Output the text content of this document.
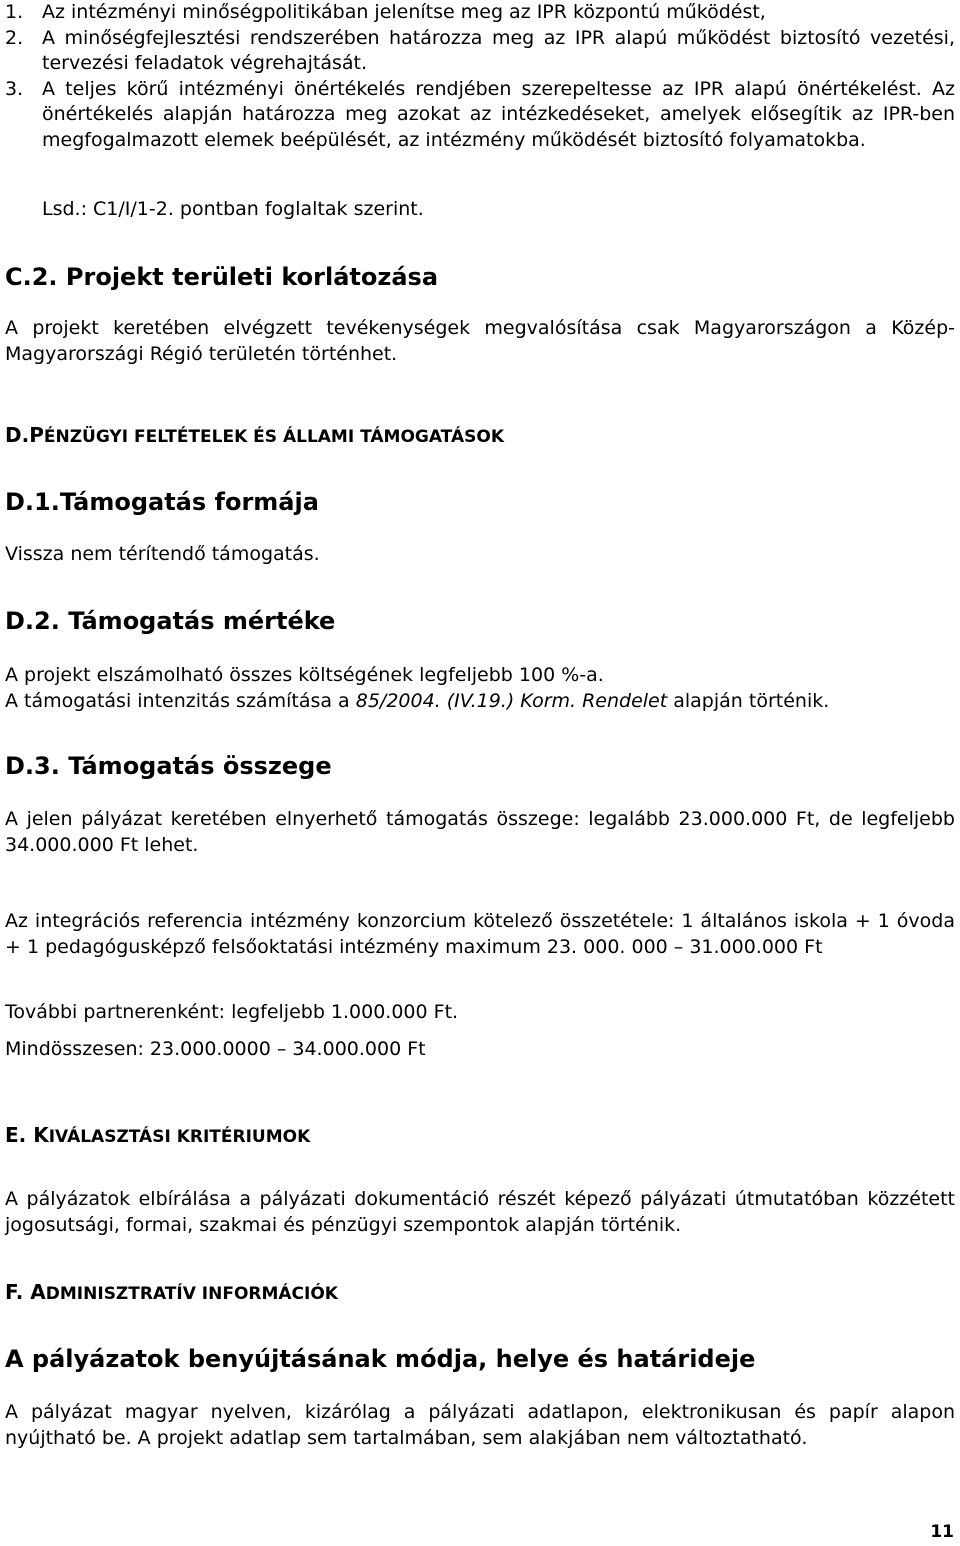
1. Az intézményi minőségpolitikában jelenítse meg az IPR központú működést,
2. A minőségfejlesztési rendszerében határozza meg az IPR alapú működést biztosító vezetési, tervezési feladatok végrehajtását.
3. A teljes körű intézményi önértékelés rendjében szerepeltesse az IPR alapú önértékelést. Az önértékelés alapján határozza meg azokat az intézkedéseket, amelyek elősegítik az IPR-ben megfogalmazott elemek beépülését, az intézmény működését biztosító folyamatokba.

Lsd.: C1/I/1-2. pontban foglaltak szerint.

C.2. Projekt területi korlátozása

A projekt keretében elvégzett tevékenységek megvalósítása csak Magyarországon a Közép-Magyarországi Régió területén történhet.

D.PÉNZÜGYI FELTÉTELEK ÉS ÁLLAMI TÁMOGATÁSOK
D.1.Támogatás formája

Vissza nem térítendő támogatás.

D.2. Támogatás mértéke

A projekt elszámolható összes költségének legfeljebb 100 %-a.

A támogatási intenzitás számítása a 85/2004. (IV.19.) Korm. Rendelet alapján történik.

D.3. Támogatás összege

A jelen pályázat keretében elnyerhető támogatás összege: legalább 23.000.000 Ft, de legfeljebb 34.000.000 Ft lehet.

Az integrációs referencia intézmény konzorcium kötelező összetétele: 1 általános iskola + 1 óvoda + 1 pedagógusképző felsőoktatási intézmény maximum 23. 000. 000 – 31.000.000 Ft

További partnerenként: legfeljebb 1.000.000 Ft.

Mindösszesen: 23.000.0000 – 34.000.000 Ft

E. KIVÁLASZTÁSI KRITÉRIUMOK

A pályázatok elbírálása a pályázati dokumentáció részét képező pályázati útmutatóban közzétett jogosutsági, formai, szakmai és pénzügyi szempontok alapján történik.

F. ADMINISZTRATÍV INFORMÁCIÓK
A pályázatok benyújtásának módja, helye és határideje

A pályázat magyar nyelven, kizárólag a pályázati adatlapon, elektronikusan és papír alapon nyújtható be. A projekt adatlap sem tartalmában, sem alakjában nem változtatható.

11
